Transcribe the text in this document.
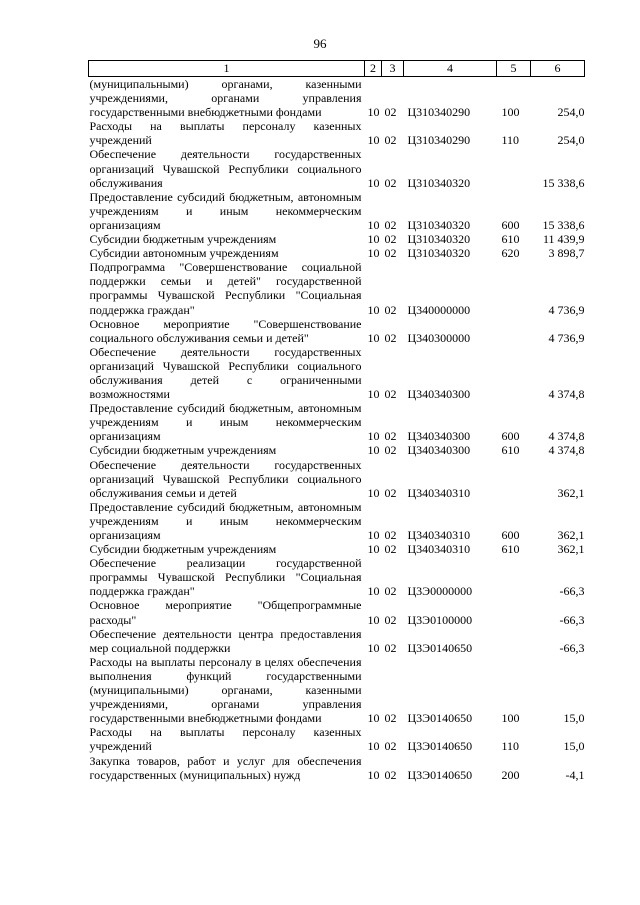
96
1	2	3	4	5	6
(муниципальными) органами, казенными учреждениями, органами управления государственными внебюджетными фондами	10	02	Ц310340290	100	254,0
Расходы на выплаты персоналу казенных учреждений	10	02	Ц310340290	110	254,0
Обеспечение деятельности государственных организаций Чувашской Республики социального обслуживания	10	02	Ц310340320		15 338,6
Предоставление субсидий бюджетным, автономным учреждениям и иным некоммерческим организациям	10	02	Ц310340320	600	15 338,6
Субсидии бюджетным учреждениям	10	02	Ц310340320	610	11 439,9
Субсидии автономным учреждениям	10	02	Ц310340320	620	3 898,7
Подпрограмма "Совершенствование социальной поддержки семьи и детей" государственной программы Чувашской Республики "Социальная поддержка граждан"	10	02	Ц340000000		4 736,9
Основное мероприятие "Совершенствование социального обслуживания семьи и детей"	10	02	Ц340300000		4 736,9
Обеспечение деятельности государственных организаций Чувашской Республики социального обслуживания детей с ограниченными возможностями	10	02	Ц340340300		4 374,8
Предоставление субсидий бюджетным, автономным учреждениям и иным некоммерческим организациям	10	02	Ц340340300	600	4 374,8
Субсидии бюджетным учреждениям	10	02	Ц340340300	610	4 374,8
Обеспечение деятельности государственных организаций Чувашской Республики социального обслуживания семьи и детей	10	02	Ц340340310		362,1
Предоставление субсидий бюджетным, автономным учреждениям и иным некоммерческим организациям	10	02	Ц340340310	600	362,1
Субсидии бюджетным учреждениям	10	02	Ц340340310	610	362,1
Обеспечение реализации государственной программы Чувашской Республики "Социальная поддержка граждан"	10	02	Ц3Э0000000		-66,3
Основное мероприятие "Общепрограммные расходы"	10	02	Ц3Э0100000		-66,3
Обеспечение деятельности центра предоставления мер социальной поддержки	10	02	Ц3Э0140650		-66,3
Расходы на выплаты персоналу в целях обеспечения выполнения функций государственными (муниципальными) органами, казенными учреждениями, органами управления государственными внебюджетными фондами	10	02	Ц3Э0140650	100	15,0
Расходы на выплаты персоналу казенных учреждений	10	02	Ц3Э0140650	110	15,0
Закупка товаров, работ и услуг для обеспечения государственных (муниципальных) нужд	10	02	Ц3Э0140650	200	-4,1
